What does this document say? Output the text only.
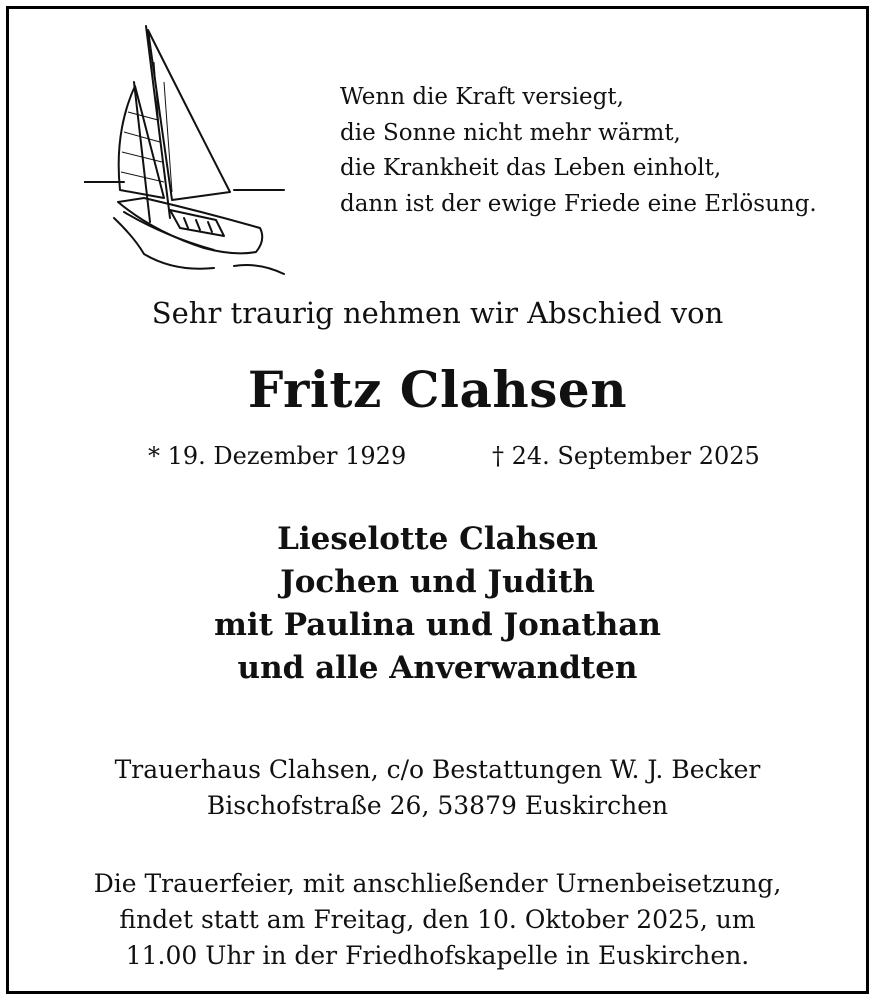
Wenn die Kraft versiegt,
die Sonne nicht mehr wärmt,
die Krankheit das Leben einholt,
dann ist der ewige Friede eine Erlösung.
Sehr traurig nehmen wir Abschied von
Fritz Clahsen
* 19. Dezember 1929	† 24. September 2025
Lieselotte Clahsen
Jochen und Judith
mit Paulina und Jonathan
und alle Anverwandten
Trauerhaus Clahsen, c/o Bestattungen W. J. Becker
Bischofstraße 26, 53879 Euskirchen
Die Trauerfeier, mit anschließender Urnenbeisetzung,
findet statt am Freitag, den 10. Oktober 2025, um
11.00 Uhr in der Friedhofskapelle in Euskirchen.
